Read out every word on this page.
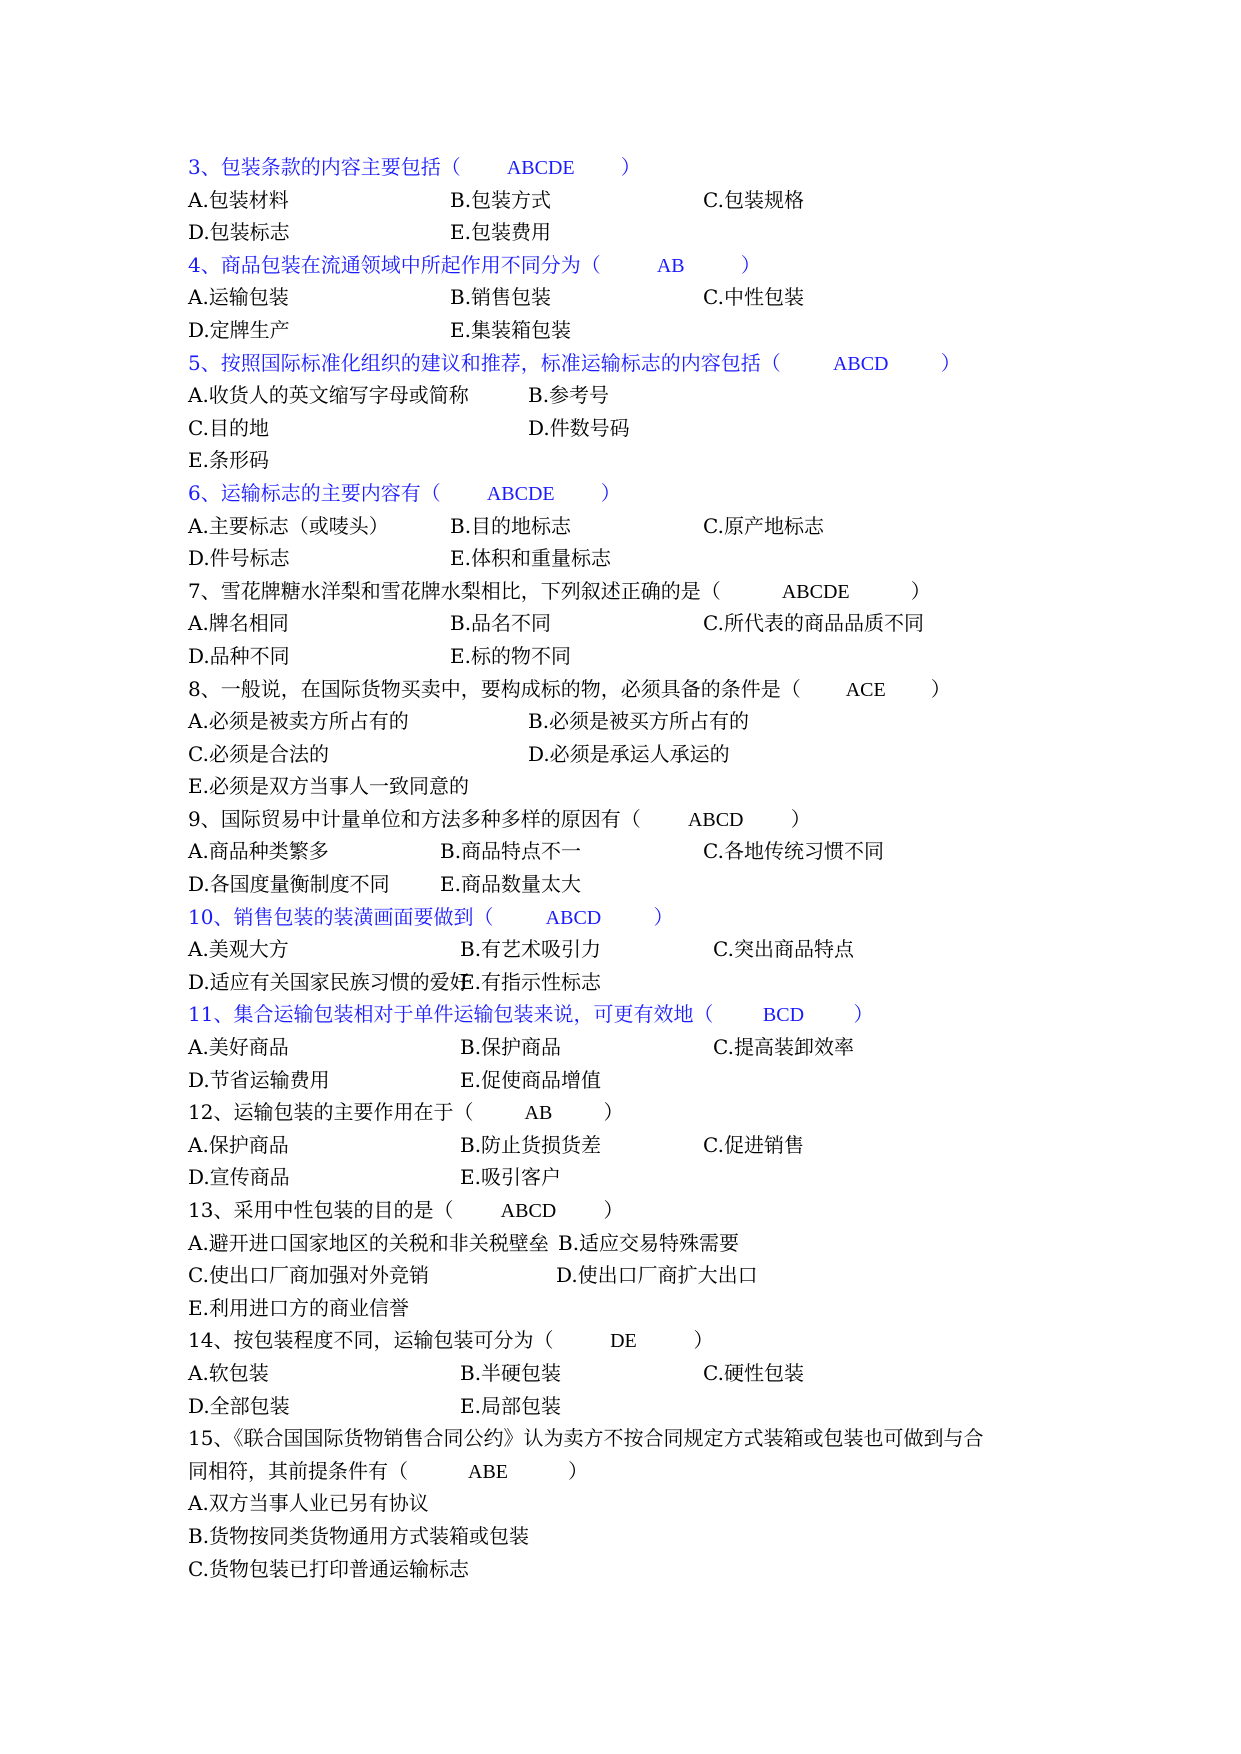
3、包装条款的内容主要包括（ ABCDE ）
A.包装材料	B.包装方式	C.包装规格
D.包装标志	E.包装费用
4、商品包装在流通领域中所起作用不同分为（	AB	）
A.运输包装	B.销售包装	C.中性包装
D.定牌生产	E.集装箱包装
5、按照国际标准化组织的建议和推荐，标准运输标志的内容包括（	ABCD	）
A.收货人的英文缩写字母或简称	B.参考号
C.目的地	D.件数号码
E.条形码
6、运输标志的主要内容有（ ABCDE ）
A.主要标志（或唛头）	B.目的地标志	C.原产地标志
D.件号标志	E.体积和重量标志
7、雪花牌糖水洋梨和雪花牌水梨相比，下列叙述正确的是（	ABCDE	）
A.牌名相同	B.品名不同	C.所代表的商品品质不同
D.品种不同	E.标的物不同
8、一般说，在国际货物买卖中，要构成标的物，必须具备的条件是（ ACE ）
A.必须是被卖方所占有的	B.必须是被买方所占有的
C.必须是合法的	D.必须是承运人承运的
E.必须是双方当事人一致同意的
9、国际贸易中计量单位和方法多种多样的原因有（ ABCD ）
A.商品种类繁多	B.商品特点不一	C.各地传统习惯不同
D.各国度量衡制度不同	E.商品数量太大
10、销售包装的装潢画面要做到（	ABCD	）
A.美观大方	B.有艺术吸引力	C.突出商品特点
D.适应有关国家民族习惯的爱好
E.有指示性标志
11、集合运输包装相对于单件运输包装来说，可更有效地（ BCD ）
A.美好商品	B.保护商品	C.提高装卸效率
D.节省运输费用	E.促使商品增值
12、运输包装的主要作用在于（	AB	）
A.保护商品	B.防止货损货差	C.促进销售
D.宣传商品	E.吸引客户
13、采用中性包装的目的是（ ABCD ）
A.避开进口国家地区的关税和非关税壁垒 B.适应交易特殊需要
C.使出口厂商加强对外竞销	D.使出口厂商扩大出口
E.利用进口方的商业信誉
14、按包装程度不同，运输包装可分为（	DE	）
A.软包装	B.半硬包装	C.硬性包装
D.全部包装	E.局部包装
15、《联合国国际货物销售合同公约》认为卖方不按合同规定方式装箱或包装也可做到与合
同相符，其前提条件有（	ABE	）
A.双方当事人业已另有协议
B.货物按同类货物通用方式装箱或包装
C.货物包装已打印普通运输标志
